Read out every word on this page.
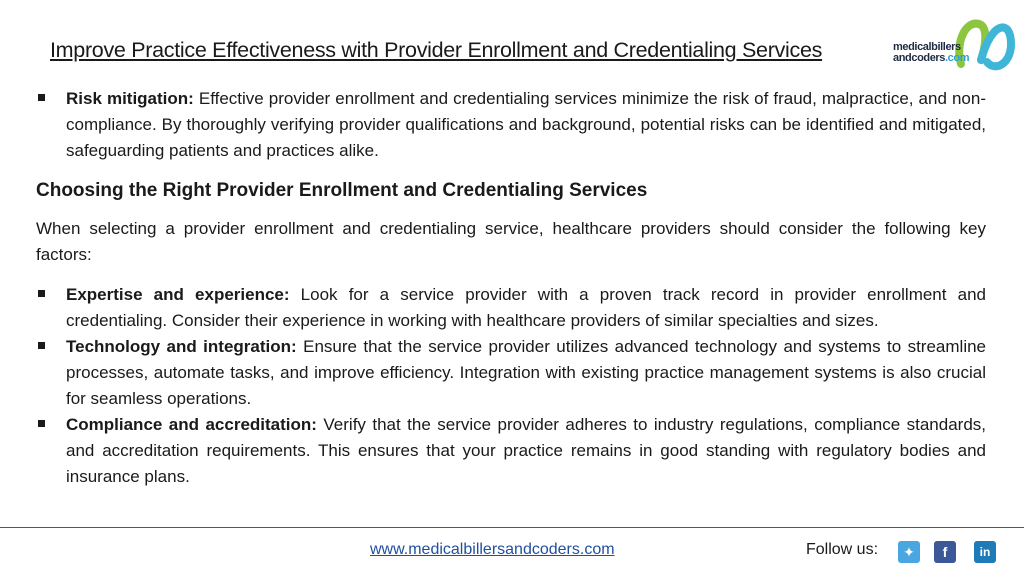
Improve Practice Effectiveness with Provider Enrollment and Credentialing Services	medicalbillers
andcoders.com
Risk mitigation: Effective provider enrollment and credentialing services minimize the risk of fraud, malpractice, and non-compliance. By thoroughly verifying provider qualifications and background, potential risks can be identified and mitigated, safeguarding patients and practices alike.
Choosing the Right Provider Enrollment and Credentialing Services

When selecting a provider enrollment and credentialing service, healthcare providers should consider the following key factors:

Expertise and experience: Look for a service provider with a proven track record in provider enrollment and credentialing. Consider their experience in working with healthcare providers of similar specialties and sizes.
Technology and integration: Ensure that the service provider utilizes advanced technology and systems to streamline processes, automate tasks, and improve efficiency. Integration with existing practice management systems is also crucial for seamless operations.
Compliance and accreditation: Verify that the service provider adheres to industry regulations, compliance standards, and accreditation requirements. This ensures that your practice remains in good standing with regulatory bodies and insurance plans.
www.medicalbillersandcoders.com	Follow us:	✦	f	in
